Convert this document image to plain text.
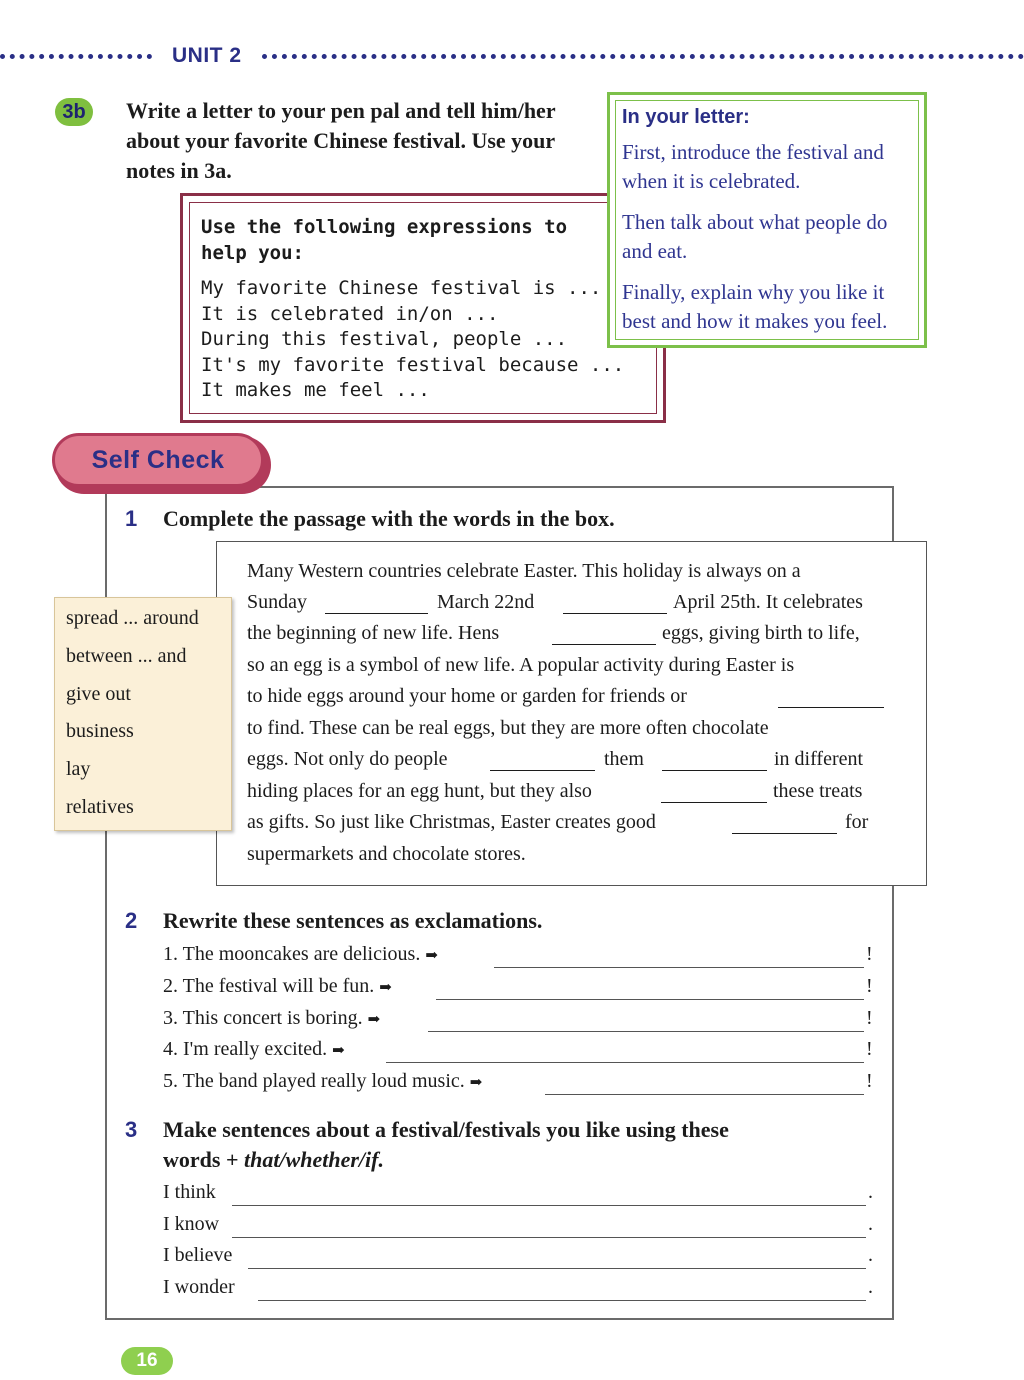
UNIT 2
3b	Write a letter to your pen pal and tell him/her about your favorite Chinese festival. Use your notes in 3a.
Use the following expressions to help you:
My favorite Chinese festival is ...
It is celebrated in/on ...
During this festival, people ...
It's my favorite festival because ...
It makes me feel ...
In your letter:
First, introduce the festival and when it is celebrated.
Then talk about what people do and eat.
Finally, explain why you like it best and how it makes you feel.
Self Check
1 Complete the passage with the words in the box.
spread ... around
between ... and
give out
business
lay
relatives
Many Western countries celebrate Easter. This holiday is always on a
Sunday	March 22nd	April 25th. It celebrates
the beginning of new life. Hens	eggs, giving birth to life,
so an egg is a symbol of new life. A popular activity during Easter is
to hide eggs around your home or garden for friends or
to find. These can be real eggs, but they are more often chocolate
eggs. Not only do people	them	in different
hiding places for an egg hunt, but they also	these treats
as gifts. So just like Christmas, Easter creates good	for
supermarkets and chocolate stores.
2 Rewrite these sentences as exclamations.
1. The mooncakes are delicious. ➡	!
2. The festival will be fun. ➡	!
3. This concert is boring. ➡	!
4. I'm really excited. ➡	!
5. The band played really loud music. ➡	!
3 Make sentences about a festival/festivals you like using these
words + that/whether/if.
I think	.
I know	.
I believe	.
I wonder	.
16
